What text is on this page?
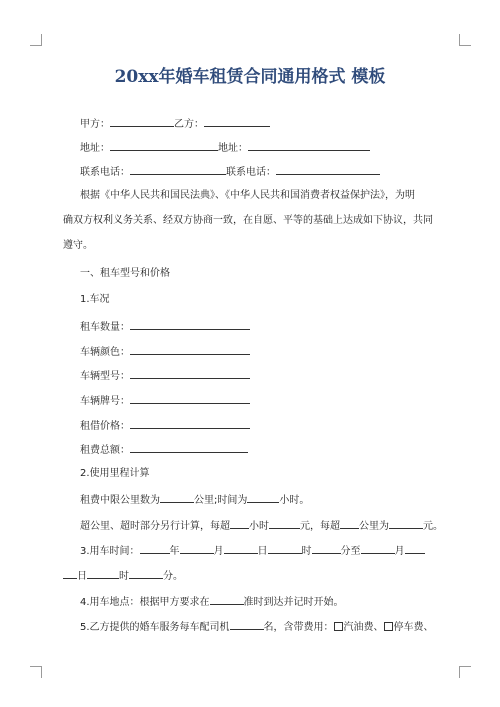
20xx年婚车租赁合同通用格式 模板
甲方：	乙方：
地址：	地址：
联系电话：	联系电话：
根据《中华人民共和国民法典》、《中华人民共和国消费者权益保护法》，为明
确双方权利义务关系、经双方协商一致，在自愿、平等的基础上达成如下协议，共同
遵守。
一、租车型号和价格
1.车况
租车数量：
车辆颜色：
车辆型号：
车辆牌号：
租借价格：
租费总额：
2.使用里程计算
租费中限公里数为	公里;时间为	小时。
超公里、超时部分另行计算，每超 小时	元，每超 公里为	元。
3.用车时间：	年	月	日	时	分至	月
日	时	分。
4.用车地点：根据甲方要求在	准时到达并记时开始。
5.乙方提供的婚车服务每车配司机	名，含带费用： 汽油费、 停车费、
